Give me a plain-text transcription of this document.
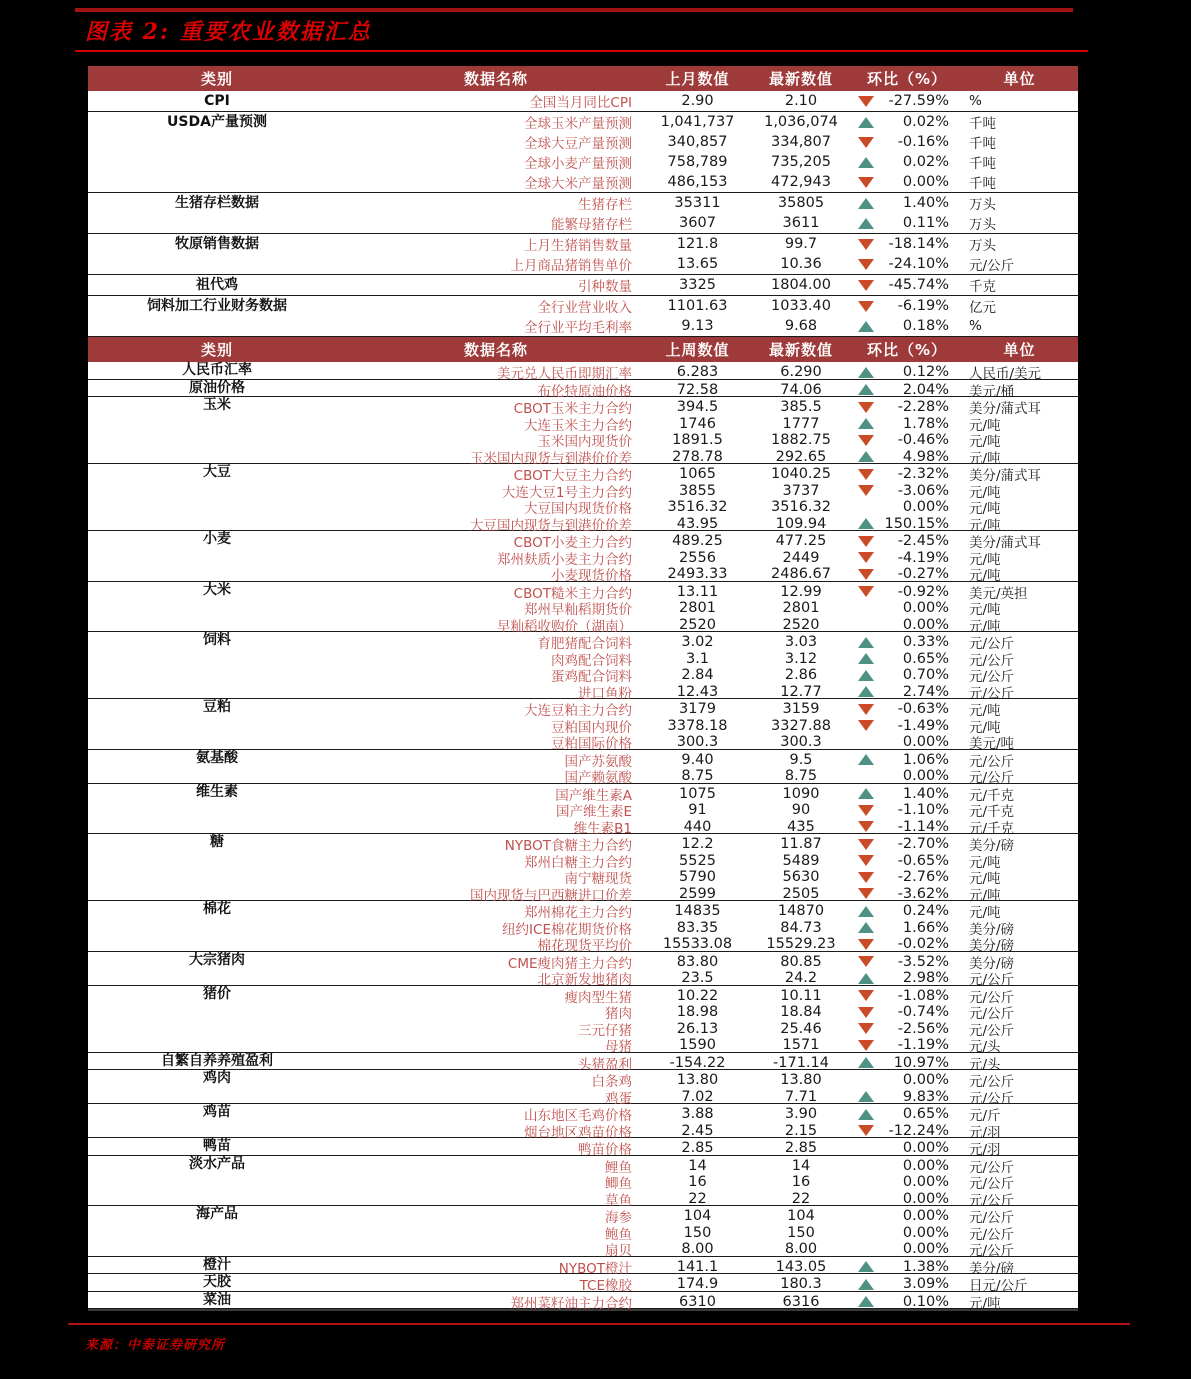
图表 2: 重要农业数据汇总
类别	数据名称	上月数值	最新数值	环比（%）	单位
CPI	全国当月同比CPI	2.90	2.10	-27.59%	%
USDA产量预测	全球玉米产量预测	1,041,737	1,036,074	0.02%	千吨
全球大豆产量预测	340,857	334,807	-0.16%	千吨
全球小麦产量预测	758,789	735,205	0.02%	千吨
全球大米产量预测	486,153	472,943	0.00%	千吨
生猪存栏数据	生猪存栏	35311	35805	1.40%	万头
能繁母猪存栏	3607	3611	0.11%	万头
牧原销售数据	上月生猪销售数量	121.8	99.7	-18.14%	万头
上月商品猪销售单价	13.65	10.36	-24.10%	元/公斤
祖代鸡	引种数量	3325	1804.00	-45.74%	千克
饲料加工行业财务数据	全行业营业收入	1101.63	1033.40	-6.19%	亿元
全行业平均毛利率	9.13	9.68	0.18%	%
类别	数据名称	上周数值	最新数值	环比（%）	单位
人民币汇率	美元兑人民币即期汇率	6.283	6.290	0.12%	人民币/美元
原油价格	布伦特原油价格	72.58	74.06	2.04%	美元/桶
玉米	CBOT玉米主力合约	394.5	385.5	-2.28%	美分/蒲式耳
大连玉米主力合约	1746	1777	1.78%	元/吨
玉米国内现货价	1891.5	1882.75	-0.46%	元/吨
玉米国内现货与到港价价差	278.78	292.65	4.98%	元/吨
大豆	CBOT大豆主力合约	1065	1040.25	-2.32%	美分/蒲式耳
大连大豆1号主力合约	3855	3737	-3.06%	元/吨
大豆国内现货价格	3516.32	3516.32	0.00%	元/吨
大豆国内现货与到港价价差	43.95	109.94	150.15%	元/吨
小麦	CBOT小麦主力合约	489.25	477.25	-2.45%	美分/蒲式耳
郑州麸质小麦主力合约	2556	2449	-4.19%	元/吨
小麦现货价格	2493.33	2486.67	-0.27%	元/吨
大米	CBOT糙米主力合约	13.11	12.99	-0.92%	美元/英担
郑州早籼稻期货价	2801	2801	0.00%	元/吨
早籼稻收购价（湖南）	2520	2520	0.00%	元/吨
饲料	育肥猪配合饲料	3.02	3.03	0.33%	元/公斤
肉鸡配合饲料	3.1	3.12	0.65%	元/公斤
蛋鸡配合饲料	2.84	2.86	0.70%	元/公斤
进口鱼粉	12.43	12.77	2.74%	元/公斤
豆粕	大连豆粕主力合约	3179	3159	-0.63%	元/吨
豆粕国内现价	3378.18	3327.88	-1.49%	元/吨
豆粕国际价格	300.3	300.3	0.00%	美元/吨
氨基酸	国产苏氨酸	9.40	9.5	1.06%	元/公斤
国产赖氨酸	8.75	8.75	0.00%	元/公斤
维生素	国产维生素A	1075	1090	1.40%	元/千克
国产维生素E	91	90	-1.10%	元/千克
维生素B1	440	435	-1.14%	元/千克
糖	NYBOT食糖主力合约	12.2	11.87	-2.70%	美分/磅
郑州白糖主力合约	5525	5489	-0.65%	元/吨
南宁糖现货	5790	5630	-2.76%	元/吨
国内现货与巴西糖进口价差	2599	2505	-3.62%	元/吨
棉花	郑州棉花主力合约	14835	14870	0.24%	元/吨
纽约ICE棉花期货价格	83.35	84.73	1.66%	美分/磅
棉花现货平均价	15533.08	15529.23	-0.02%	美分/磅
大宗猪肉	CME瘦肉猪主力合约	83.80	80.85	-3.52%	美分/磅
北京新发地猪肉	23.5	24.2	2.98%	元/公斤
猪价	瘦肉型生猪	10.22	10.11	-1.08%	元/公斤
猪肉	18.98	18.84	-0.74%	元/公斤
三元仔猪	26.13	25.46	-2.56%	元/公斤
母猪	1590	1571	-1.19%	元/头
自繁自养养殖盈利	头猪盈利	-154.22	-171.14	10.97%	元/头
鸡肉	白条鸡	13.80	13.80	0.00%	元/公斤
鸡蛋	7.02	7.71	9.83%	元/公斤
鸡苗	山东地区毛鸡价格	3.88	3.90	0.65%	元/斤
烟台地区鸡苗价格	2.45	2.15	-12.24%	元/羽
鸭苗	鸭苗价格	2.85	2.85	0.00%	元/羽
淡水产品	鲤鱼	14	14	0.00%	元/公斤
鲫鱼	16	16	0.00%	元/公斤
草鱼	22	22	0.00%	元/公斤
海产品	海参	104	104	0.00%	元/公斤
鲍鱼	150	150	0.00%	元/公斤
扇贝	8.00	8.00	0.00%	元/公斤
橙汁	NYBOT橙汁	141.1	143.05	1.38%	美分/磅
天胶	TCE橡胶	174.9	180.3	3.09%	日元/公斤
菜油	郑州菜籽油主力合约	6310	6316	0.10%	元/吨
来源：中泰证券研究所
